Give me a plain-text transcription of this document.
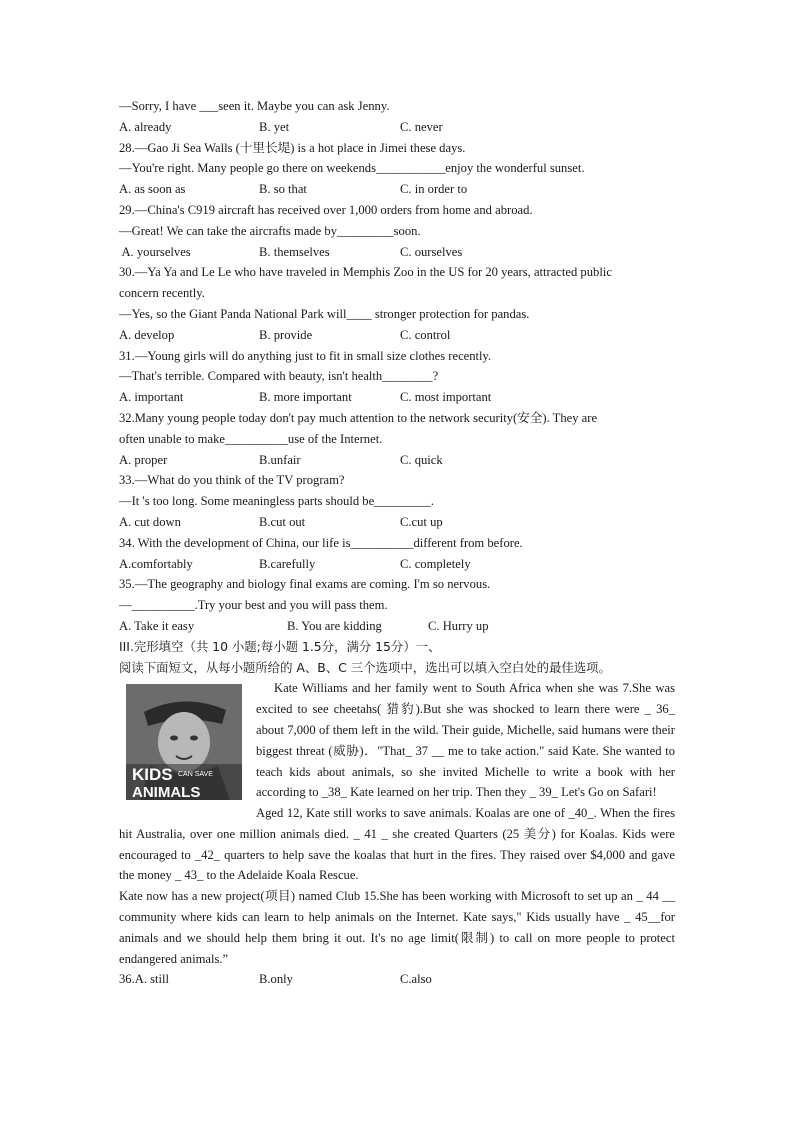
—Sorry, I have ___seen it. Maybe you can ask Jenny.
A. already	B. yet	C. never
28.—Gao Ji Sea Walls (十里长堤) is a hot place in Jimei these days.
—You're right. Many people go there on weekends___________enjoy the wonderful sunset.
A. as soon as	B. so that	C. in order to
29.—China's C919 aircraft has received over 1,000 orders from home and abroad.
—Great! We can take the aircrafts made by_________soon.
A. yourselves	B. themselves	C. ourselves
30.—Ya Ya and Le Le who have traveled in Memphis Zoo in the US for 20 years, attracted public
concern recently.
—Yes, so the Giant Panda National Park will____ stronger protection for pandas.
A. develop	B. provide	C. control
31.—Young girls will do anything just to fit in small size clothes recently.
—That's terrible. Compared with beauty, isn't health________?
A. important	B. more important	C. most important
32.Many young people today don't pay much attention to the network security(安全). They are
often unable to make__________use of the Internet.
A. proper	B.unfair	C. quick
33.—What do you think of the TV program?
—It 's too long. Some meaningless parts should be_________.
A. cut down	B.cut out	C.cut up
34. With the development of China, our life is__________different from before.
A.comfortably	B.carefully	C. completely
35.—The geography and biology final exams are coming. I'm so nervous.
—__________.Try your best and you will pass them.
A. Take it easy	B. You are kidding	C. Hurry up
III.完形填空（共 10 小题;每小题 1.5分，满分 15分）一、
阅读下面短文，从每小题所给的 A、B、C 三个选项中，选出可以填入空白处的最佳选项。
KIDS CAN SAVE
ANIMALS
Kate Williams and her family went to South Africa when she was 7.She was excited to see cheetahs( 猎豹).But she was shocked to learn there were _ 36_ about 7,000 of them left in the wild. Their guide, Michelle, said humans were their biggest threat (威胁)．"That_ 37 __ me to take action." said Kate. She wanted to teach kids about animals, so she invited Michelle to write a book with her according to _38_ Kate learned on her trip. Then they _ 39_ Let's Go on Safari!
Aged 12, Kate still works to save animals. Koalas are one of _40_. When the fires hit Australia, over one million animals died. _ 41 _ she created Quarters (25 美分) for Koalas. Kids were encouraged to _42_ quarters to help save the koalas that hurt in the fires. They raised over $4,000 and gave the money _ 43_ to the Adelaide Koala Rescue.
Kate now has a new project(项目) named Club 15.She has been working with Microsoft to set up an _ 44 __ community where kids can learn to help animals on the Internet. Kate says," Kids usually have _ 45__for animals and we should help them bring it out. It's no age limit(限制) to call on more people to protect endangered animals.”
36.A. still	B.only	C.also
